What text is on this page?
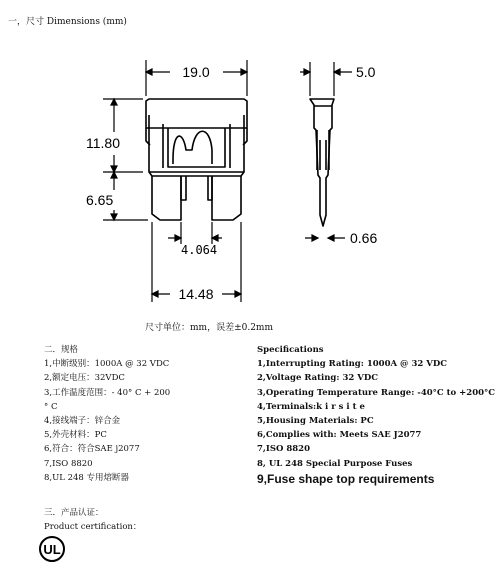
一，尺寸 Dimensions (mm)
19.0	5.0
11.80
6.65
14.48
0.66
4.064
尺寸单位：mm，误差±0.2mm
二．规格
1,中断级别：1000A @ 32 VDC
2,额定电压：32VDC
3,工作温度范围：- 40° C + 200
° C
4,接线端子：锌合金
5,外壳材料：PC
6,符合：符合SAE j2077
7,ISO 8820
8,UL 248 专用熔断器
Specifications
1,Interrupting Rating: 1000A @ 32 VDC
2,Voltage Rating: 32 VDC
3,Operating Temperature Range: -40°C to +200°C
4,Terminals:k i r s i t e
5,Housing Materials: PC
6,Complies with: Meets SAE J2077
7,ISO 8820
8, UL 248 Special Purpose Fuses
9,Fuse shape top requirements
三．产品认证：
Product certification：
UL
